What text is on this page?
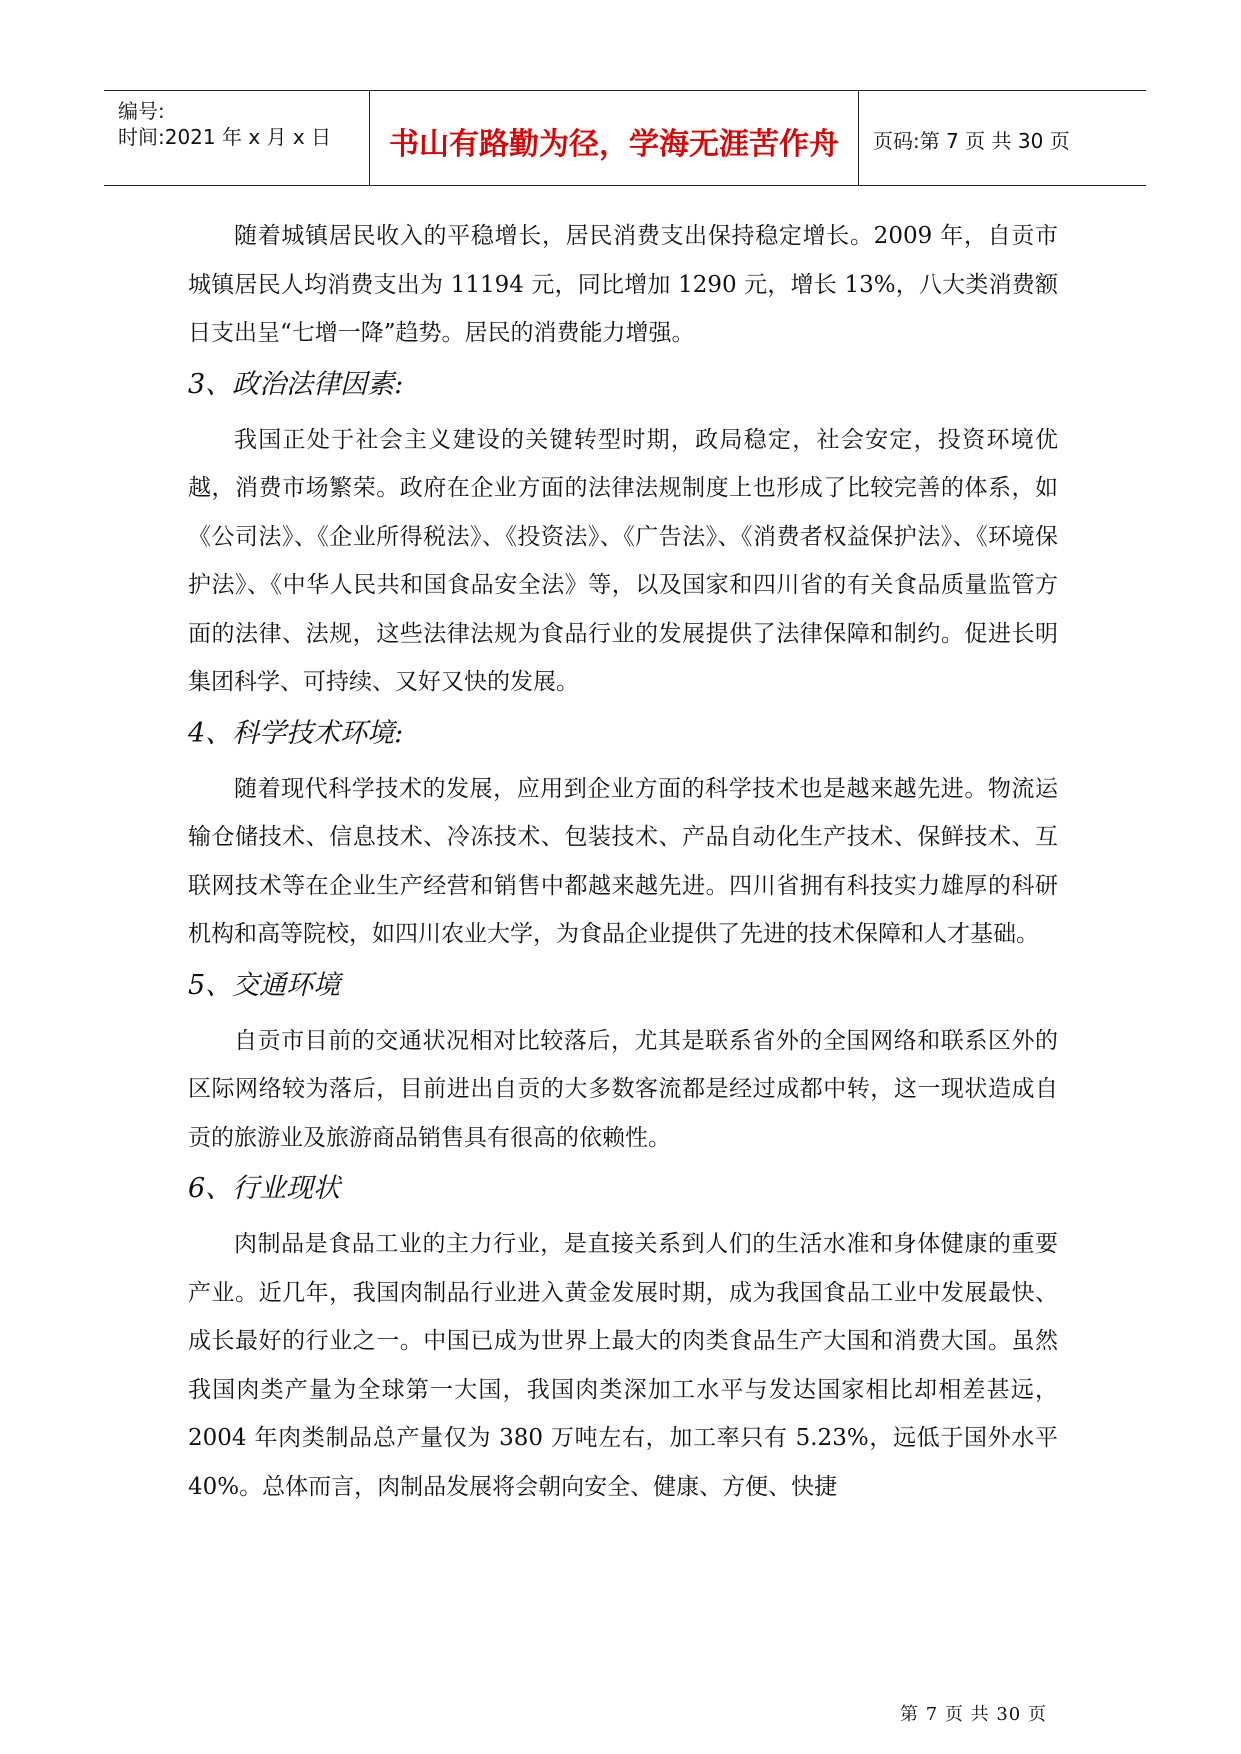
编号:
时间:2021 年 x 月 x 日	书山有路勤为径，学海无涯苦作舟	页码:第 7 页 共 30 页

随着城镇居民收入的平稳增长，居民消费支出保持稳定增长。2009 年，自贡市城镇居民人均消费支出为 11194 元，同比增加 1290 元，增长 13%，八大类消费额日支出呈“七增一降”趋势。居民的消费能力增强。

3、政治法律因素:

我国正处于社会主义建设的关键转型时期，政局稳定，社会安定，投资环境优越，消费市场繁荣。政府在企业方面的法律法规制度上也形成了比较完善的体系，如《公司法》、《企业所得税法》、《投资法》、《广告法》、《消费者权益保护法》、《环境保护法》、《中华人民共和国食品安全法》等，以及国家和四川省的有关食品质量监管方面的法律、法规，这些法律法规为食品行业的发展提供了法律保障和制约。促进长明集团科学、可持续、又好又快的发展。

4、科学技术环境:

随着现代科学技术的发展，应用到企业方面的科学技术也是越来越先进。物流运输仓储技术、信息技术、冷冻技术、包装技术、产品自动化生产技术、保鲜技术、互联网技术等在企业生产经营和销售中都越来越先进。四川省拥有科技实力雄厚的科研机构和高等院校，如四川农业大学，为食品企业提供了先进的技术保障和人才基础。

5、交通环境

自贡市目前的交通状况相对比较落后，尤其是联系省外的全国网络和联系区外的区际网络较为落后，目前进出自贡的大多数客流都是经过成都中转，这一现状造成自贡的旅游业及旅游商品销售具有很高的依赖性。

6、行业现状

肉制品是食品工业的主力行业，是直接关系到人们的生活水准和身体健康的重要产业。近几年，我国肉制品行业进入黄金发展时期，成为我国食品工业中发展最快、成长最好的行业之一。中国已成为世界上最大的肉类食品生产大国和消费大国。虽然我国肉类产量为全球第一大国，我国肉类深加工水平与发达国家相比却相差甚远，2004 年肉类制品总产量仅为 380 万吨左右，加工率只有 5.23%，远低于国外水平 40%。总体而言，肉制品发展将会朝向安全、健康、方便、快捷

第 7 页 共 30 页
